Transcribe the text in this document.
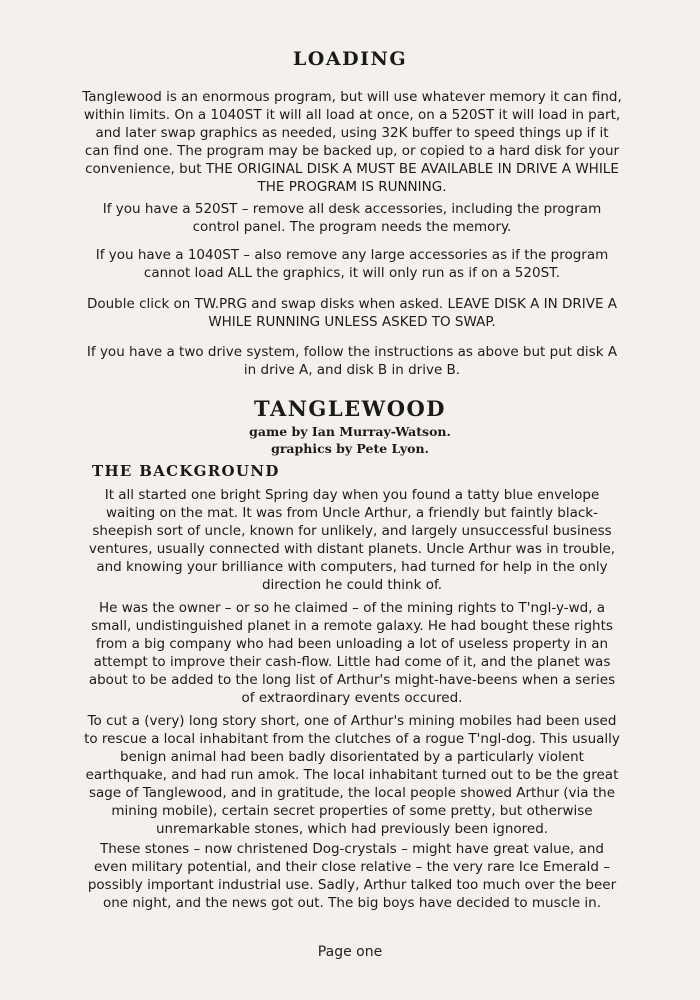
LOADING

Tanglewood is an enormous program, but will use whatever memory it can find, within limits. On a 1040ST it will all load at once, on a 520ST it will load in part, and later swap graphics as needed, using 32K buffer to speed things up if it can find one. The program may be backed up, or copied to a hard disk for your convenience, but THE ORIGINAL DISK A MUST BE AVAILABLE IN DRIVE A WHILE THE PROGRAM IS RUNNING.

If you have a 520ST – remove all desk accessories, including the program control panel. The program needs the memory.

If you have a 1040ST – also remove any large accessories as if the program cannot load ALL the graphics, it will only run as if on a 520ST.

Double click on TW.PRG and swap disks when asked. LEAVE DISK A IN DRIVE A WHILE RUNNING UNLESS ASKED TO SWAP.

If you have a two drive system, follow the instructions as above but put disk A in drive A, and disk B in drive B.

TANGLEWOOD
game by Ian Murray-Watson.
graphics by Pete Lyon.
THE BACKGROUND

It all started one bright Spring day when you found a tatty blue envelope waiting on the mat. It was from Uncle Arthur, a friendly but faintly black-sheepish sort of uncle, known for unlikely, and largely unsuccessful business ventures, usually connected with distant planets. Uncle Arthur was in trouble, and knowing your brilliance with computers, had turned for help in the only direction he could think of.

He was the owner – or so he claimed – of the mining rights to T'ngl-y-wd, a small, undistinguished planet in a remote galaxy. He had bought these rights from a big company who had been unloading a lot of useless property in an attempt to improve their cash-flow. Little had come of it, and the planet was about to be added to the long list of Arthur's might-have-beens when a series of extraordinary events occured.

To cut a (very) long story short, one of Arthur's mining mobiles had been used to rescue a local inhabitant from the clutches of a rogue T'ngl-dog. This usually benign animal had been badly disorientated by a particularly violent earthquake, and had run amok. The local inhabitant turned out to be the great sage of Tanglewood, and in gratitude, the local people showed Arthur (via the mining mobile), certain secret properties of some pretty, but otherwise unremarkable stones, which had previously been ignored.

These stones – now christened Dog-crystals – might have great value, and even military potential, and their close relative – the very rare Ice Emerald – possibly important industrial use. Sadly, Arthur talked too much over the beer one night, and the news got out. The big boys have decided to muscle in.

Page one
